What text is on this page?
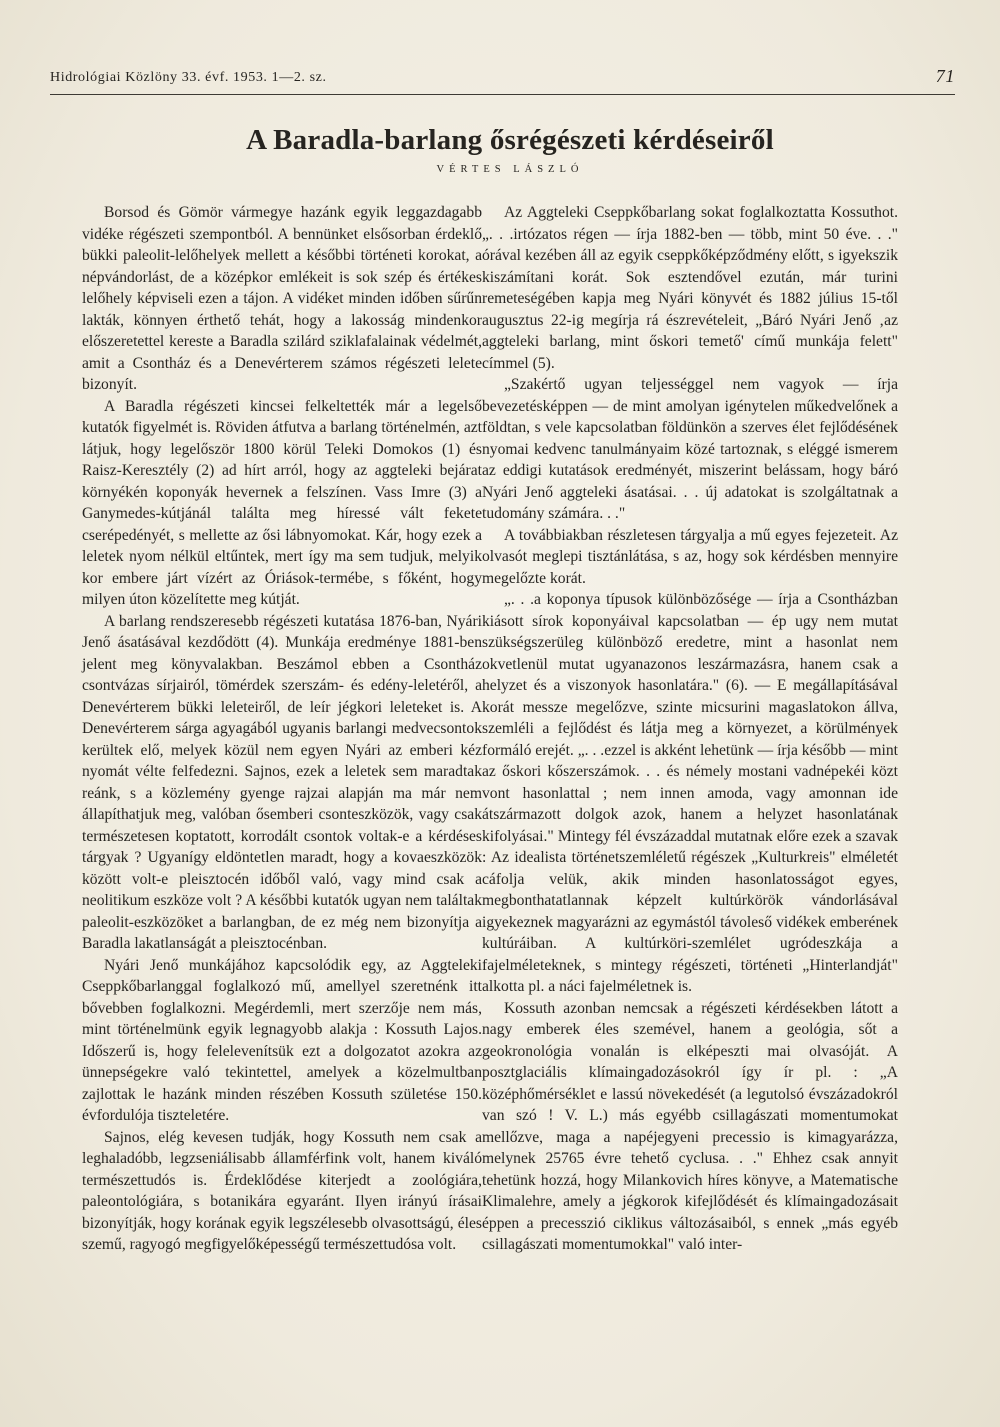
Hidrológiai Közlöny 33. évf. 1953. 1—2. sz.	71
A Baradla-barlang ősrégészeti kérdéseiről
VÉRTES LÁSZLÓ

Borsod és Gömör vármegye hazánk egyik leggazdagabb vidéke régészeti szempontból. A bennünket elsősorban érdeklő bükki paleolit-lelőhelyek mellett a későbbi történeti korokat, a népvándorlást, de a középkor emlékeit is sok szép és értékes lelőhely képviseli ezen a tájon. A vidéket minden időben sűrűn lakták, könnyen érthető tehát, hogy a lakosság mindenkor előszeretettel kereste a Baradla szilárd sziklafalainak védelmét, amit a Csontház és a Denevérterem számos régészeti lelete bizonyít.

A Baradla régészeti kincsei felkeltették már a legelső kutatók figyelmét is. Röviden átfutva a barlang történelmén, azt látjuk, hogy legelőször 1800 körül Teleki Domokos (1) és Raisz-Keresztély (2) ad hírt arról, hogy az aggteleki bejárat környékén koponyák hevernek a felszínen. Vass Imre (3) a Ganymedes-kútjánál találta meg híressé vált fekete cserépedényét, s mellette az ősi lábnyomokat. Kár, hogy ezek a leletek nyom nélkül eltűntek, mert így ma sem tudjuk, melyik kor embere járt vízért az Óriások-termébe, s főként, hogy milyen úton közelítette meg kútját.

A barlang rendszeresebb régészeti kutatása 1876-ban, Nyári Jenő ásatásával kezdődött (4). Munkája eredménye 1881-ben jelent meg könyvalakban. Beszámol ebben a Csontház csontvázas sírjairól, tömérdek szerszám- és edény-leletéről, a Denevérterem bükki leleteiről, de leír jégkori leleteket is. A Denevérterem sárga agyagából ugyanis barlangi medvecsontok kerültek elő, melyek közül nem egyen Nyári az emberi kéz nyomát vélte felfedezni. Sajnos, ezek a leletek sem maradtak reánk, s a közlemény gyenge rajzai alapján ma már nem állapíthatjuk meg, valóban ősemberi csonteszközök, vagy csak természetesen koptatott, korrodált csontok voltak-e a kérdéses tárgyak ? Ugyanígy eldöntetlen maradt, hogy a kovaeszközök között volt-e pleisztocén időből való, vagy mind csak a neolitikum eszköze volt ? A későbbi kutatók ugyan nem találtak paleolit-eszközöket a barlangban, de ez még nem bizonyítja a Baradla lakatlanságát a pleisztocénban.

Nyári Jenő munkájához kapcsolódik egy, az Aggteleki Cseppkőbarlanggal foglalkozó mű, amellyel szeretnénk itt bővebben foglalkozni. Megérdemli, mert szerzője nem más, mint történelmünk egyik legnagyobb alakja : Kossuth Lajos. Időszerű is, hogy felelevenítsük ezt a dolgozatot azokra az ünnepségekre való tekintettel, amelyek a közelmultban zajlottak le hazánk minden részében Kossuth születése 150. évfordulója tiszteletére.

Sajnos, elég kevesen tudják, hogy Kossuth nem csak a leghaladóbb, legzseniálisabb államférfink volt, hanem kiváló természettudós is. Érdeklődése kiterjedt a zoológiára, paleontológiára, s botanikára egyaránt. Ilyen irányú írásai bizonyítják, hogy korának egyik legszélesebb olvasottságú, éles szemű, ragyogó megfigyelőképességű természettudósa volt.

Az Aggteleki Cseppkőbarlang sokat foglalkoztatta Kossuthot. „. . .irtózatos régen — írja 1882-ben — több, mint 50 éve. . ." órával kezében áll az egyik cseppkőképződmény előtt, s igyekszik kiszámítani korát. Sok esztendővel ezután, már turini remeteségében kapja meg Nyári könyvét és 1882 július 15-től augusztus 22-ig megírja rá észrevételeit, „Báró Nyári Jenő ‚az aggteleki barlang, mint őskori temető' című munkája felett" címmel (5).

„Szakértő ugyan teljességgel nem vagyok — írja bevezetésképpen — de mint amolyan igénytelen műkedvelőnek a földtan, s vele kapcsolatban földünkön a szerves élet fejlődésének nyomai kedvenc tanulmányaim közé tartoznak, s eléggé ismerem az eddigi kutatások eredményét, miszerint belássam, hogy báró Nyári Jenő aggteleki ásatásai. . . új adatokat is szolgáltatnak a tudomány számára. . ."

A továbbiakban részletesen tárgyalja a mű egyes fejezeteit. Az olvasót meglepi tisztánlátása, s az, hogy sok kérdésben mennyire megelőzte korát.

„. . .a koponya típusok különbözősége — írja a Csontházban kiásott sírok koponyáival kapcsolatban — ép ugy nem mutat szükségszerüleg különböző eredetre, mint a hasonlat nem okvetlenül mutat ugyanazonos leszármazásra, hanem csak a helyzet és a viszonyok hasonlatára." (6). — E megállapításával korát messze megelőzve, szinte micsurini magaslatokon állva, szemléli a fejlődést és látja meg a környezet, a körülmények formáló erejét. „. . .ezzel is akként lehetünk — írja később — mint az őskori kőszerszámok. . . és némely mostani vadnépekéi közt vont hasonlattal ; nem innen amoda, vagy amonnan ide átszármazott dolgok azok, hanem a helyzet hasonlatának kifolyásai." Mintegy fél évszázaddal mutatnak előre ezek a szavak : Az idealista történetszemléletű régészek „Kulturkreis" elméletét cáfolja velük, akik minden hasonlatosságot egyes, megbonthatatlannak képzelt kultúrkörök vándorlásával igyekeznek magyarázni az egymástól távoleső vidékek emberének kultúráiban. A kultúrköri-szemlélet ugródeszkája a fajelméleteknek, s mintegy régészeti, történeti „Hinterlandját" alkotta pl. a náci fajelméletnek is.

Kossuth azonban nemcsak a régészeti kérdésekben látott a nagy emberek éles szemével, hanem a geológia, sőt a geokronológia vonalán is elképeszti mai olvasóját. A posztglaciális klímaingadozásokról így ír pl. : „A középhőmérséklet e lassú növekedését (a legutolsó évszázadokról van szó ! V. L.) más egyébb csillagászati momentumokat mellőzve, maga a napéjegyeni precessio is kimagyarázza, melynek 25765 évre tehető cyclusa. . ." Ehhez csak annyit tehetünk hozzá, hogy Milankovich híres könyve, a Matematische Klimalehre, amely a jégkorok kifejlődését és klímaingadozásait éppen a precesszió ciklikus változásaiból, s ennek „más egyéb csillagászati momentumokkal" való inter-
